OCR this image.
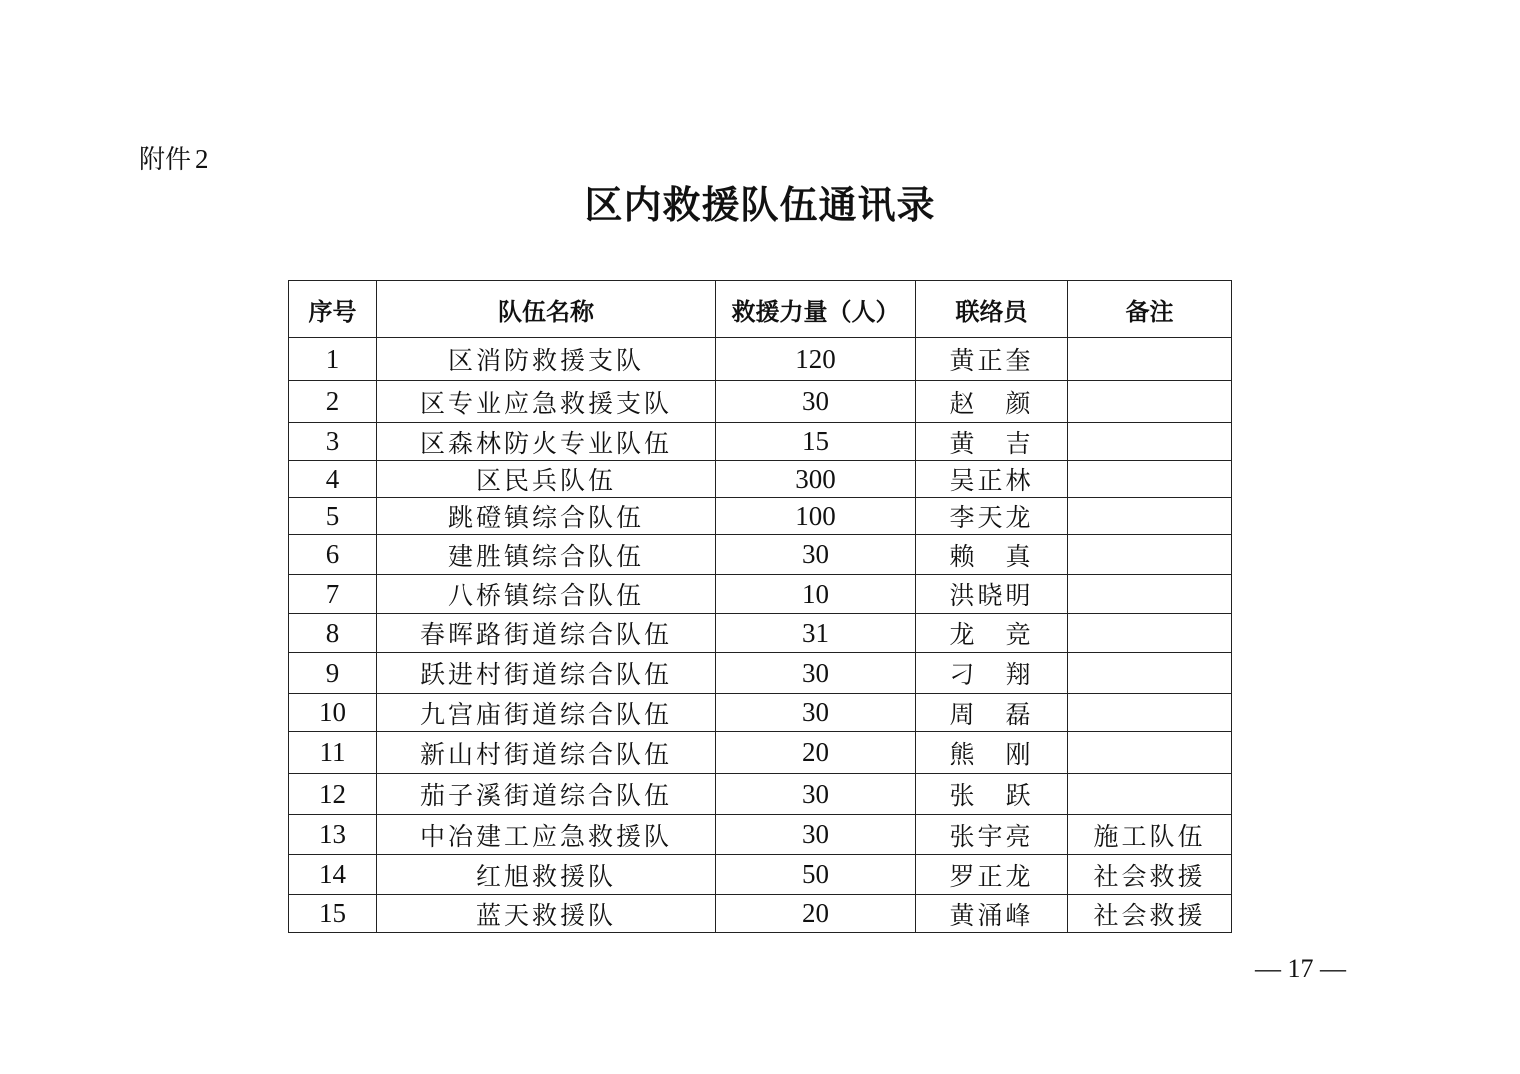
附件 2
区内救援队伍通讯录
序号	队伍名称	救援力量（人）	联络员	备注
1	区消防救援支队	120	黄正奎	
2	区专业应急救援支队	30	赵　颜	
3	区森林防火专业队伍	15	黄　吉	
4	区民兵队伍	300	吴正林	
5	跳磴镇综合队伍	100	李天龙	
6	建胜镇综合队伍	30	赖　真	
7	八桥镇综合队伍	10	洪晓明	
8	春晖路街道综合队伍	31	龙　竞	
9	跃进村街道综合队伍	30	刁　翔	
10	九宫庙街道综合队伍	30	周　磊	
11	新山村街道综合队伍	20	熊　刚	
12	茄子溪街道综合队伍	30	张　跃	
13	中冶建工应急救援队	30	张宇亮	施工队伍
14	红旭救援队	50	罗正龙	社会救援
15	蓝天救援队	20	黄涌峰	社会救援
— 17 —
